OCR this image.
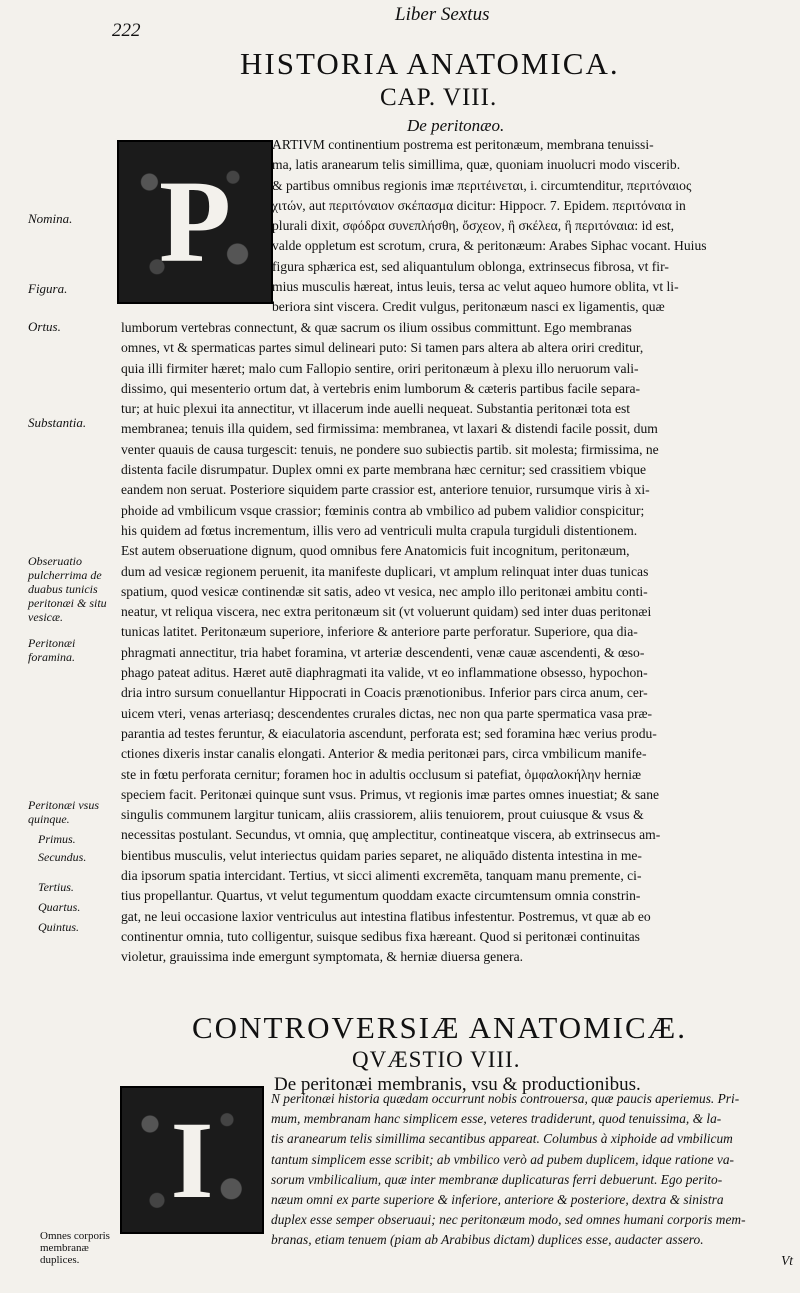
222
Liber Sextus
HISTORIA ANATOMICA.
CAP. VIII.
De peritonæo.
P

ARTIVM continentium postrema est peritonæum, membrana tenuissi-

ma, latis aranearum telis simillima, quæ, quoniam inuolucri modo viscerib.

& partibus omnibus regionis imæ περιτέινεται, i. circumtenditur, περιτόναιος

χιτών, aut περιτόναιον σκέπασμα dicitur: Hippocr. 7. Epidem. περιτόναια in

plurali dixit, σφόδρα συνεπλήσθη, ὄσχεον, ἢ σκέλεα, ἢ περιτόναια: id est,

valde oppletum est scrotum, crura, & peritonæum: Arabes Siphac vocant. Huius

figura sphærica est, sed aliquantulum oblonga, extrinsecus fibrosa, vt fir-

mius musculis hæreat, intus leuis, tersa ac velut aqueo humore oblita, vt li-

beriora sint viscera. Credit vulgus, peritonæum nasci ex ligamentis, quæ

lumborum vertebras connectunt, & quæ sacrum os ilium ossibus committunt. Ego membranas

omnes, vt & spermaticas partes simul delineari puto: Si tamen pars altera ab altera oriri creditur,

quia illi firmiter hæret; malo cum Fallopio sentire, oriri peritonæum à plexu illo neruorum vali-

dissimo, qui mesenterio ortum dat, à vertebris enim lumborum & cæteris partibus facile separa-

tur; at huic plexui ita annectitur, vt illacerum inde auelli nequeat. Substantia peritonæi tota est

membranea; tenuis illa quidem, sed firmissima: membranea, vt laxari & distendi facile possit, dum

venter quauis de causa turgescit: tenuis, ne pondere suo subiectis partib. sit molesta; firmissima, ne

distenta facile disrumpatur. Duplex omni ex parte membrana hæc cernitur; sed crassitiem vbique

eandem non seruat. Posteriore siquidem parte crassior est, anteriore tenuior, rursumque viris à xi-

phoide ad vmbilicum vsque crassior; fœminis contra ab vmbilico ad pubem validior conspicitur;

his quidem ad fœtus incrementum, illis vero ad ventriculi multa crapula turgiduli distentionem.

Est autem obseruatione dignum, quod omnibus fere Anatomicis fuit incognitum, peritonæum,

dum ad vesicæ regionem peruenit, ita manifeste duplicari, vt amplum relinquat inter duas tunicas

spatium, quod vesicæ continendæ sit satis, adeo vt vesica, nec amplo illo peritonæi ambitu conti-

neatur, vt reliqua viscera, nec extra peritonæum sit (vt voluerunt quidam) sed inter duas peritonæi

tunicas latitet. Peritonæum superiore, inferiore & anteriore parte perforatur. Superiore, qua dia-

phragmati annectitur, tria habet foramina, vt arteriæ descendenti, venæ cauæ ascendenti, & œso-

phago pateat aditus. Hæret autē diaphragmati ita valide, vt eo inflammatione obsesso, hypochon-

dria intro sursum conuellantur Hippocrati in Coacis prænotionibus. Inferior pars circa anum, cer-

uicem vteri, venas arteriasq; descendentes crurales dictas, nec non qua parte spermatica vasa præ-

parantia ad testes feruntur, & eiaculatoria ascendunt, perforata est; sed foramina hæc verius produ-

ctiones dixeris instar canalis elongati. Anterior & media peritonæi pars, circa vmbilicum manife-

ste in fœtu perforata cernitur; foramen hoc in adultis occlusum si patefiat, ὀμφαλοκήλην herniæ

speciem facit. Peritonæi quinque sunt vsus. Primus, vt regionis imæ partes omnes inuestiat; & sane

singulis communem largitur tunicam, aliis crassiorem, aliis tenuiorem, prout cuiusque & vsus &

necessitas postulant. Secundus, vt omnia, quę amplectitur, contineatque viscera, ab extrinsecus am-

bientibus musculis, velut interiectus quidam paries separet, ne aliquādo distenta intestina in me-

dia ipsorum spatia intercidant. Tertius, vt sicci alimenti excremēta, tanquam manu premente, ci-

tius propellantur. Quartus, vt velut tegumentum quoddam exacte circumtensum omnia constrin-

gat, ne leui occasione laxior ventriculus aut intestina flatibus infestentur. Postremus, vt quæ ab eo

continentur omnia, tuto colligentur, suisque sedibus fixa hæreant. Quod si peritonæi continuitas

violetur, grauissima inde emergunt symptomata, & herniæ diuersa genera.

Nomina.
Figura.
Ortus.
Substantia.
Obseruatio pulcherrima de duabus tunicis peritonæi & situ vesicæ.
Peritonæi foramina.
Peritonæi vsus quinque.
Primus.
Secundus.
Tertius.
Quartus.
Quintus.
Omnes corporis membranæ duplices.
CONTROVERSIÆ ANATOMICÆ.
QVÆSTIO VIII.
De peritonæi membranis, vsu & productionibus.
I

N peritonæi historia quædam occurrunt nobis controuersa, quæ paucis aperiemus. Pri-

mum, membranam hanc simplicem esse, veteres tradiderunt, quod tenuissima, & la-

tis aranearum telis simillima secantibus appareat. Columbus à xiphoide ad vmbilicum

tantum simplicem esse scribit; ab vmbilico verò ad pubem duplicem, idque ratione va-

sorum vmbilicalium, quæ inter membranæ duplicaturas ferri debuerunt. Ego perito-

næum omni ex parte superiore & inferiore, anteriore & posteriore, dextra & sinistra

duplex esse semper obseruaui; nec peritonæum modo, sed omnes humani corporis mem-

branas, etiam tenuem (piam ab Arabibus dictam) duplices esse, audacter assero.

Vt
